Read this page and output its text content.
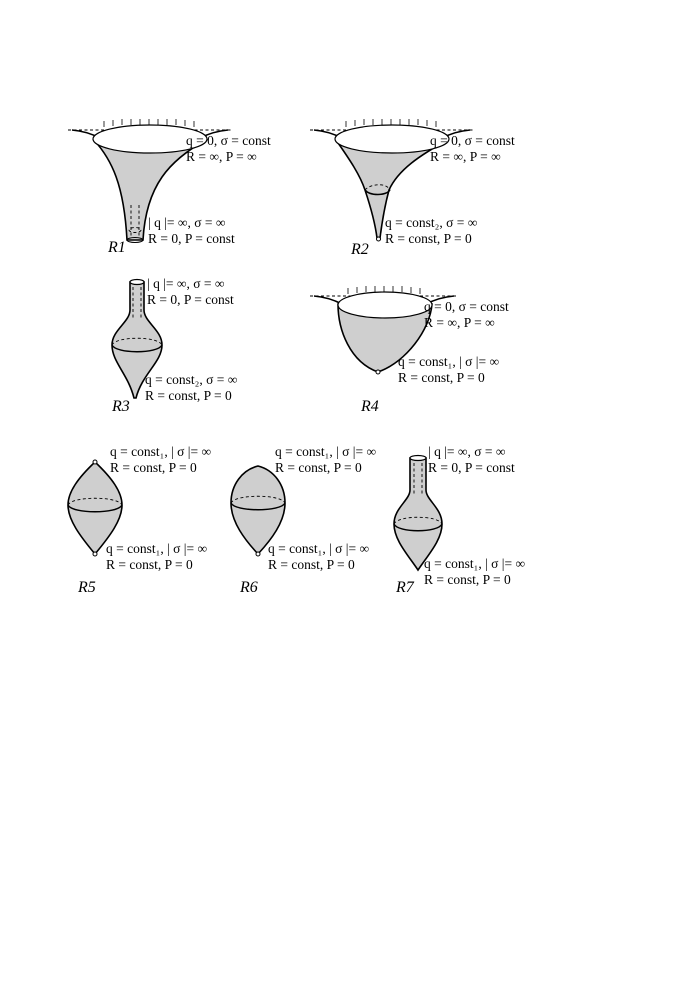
q = 0, σ = const
R = ∞, P = ∞
| q |= ∞, σ = ∞
R = 0, P = const
R1
q = 0, σ = const
R = ∞, P = ∞
q = const₂, σ = ∞
R = const, P = 0
R2
| q |= ∞, σ = ∞
R = 0, P = const
q = const₂, σ = ∞
R = const, P = 0
R3
q = 0, σ = const
R = ∞, P = ∞
q = const₁, | σ |= ∞
R = const, P = 0
R4
q = const₁, | σ |= ∞
R = const, P = 0
q = const₁, | σ |= ∞
R = const, P = 0
R5
q = const₁, | σ |= ∞
R = const, P = 0
q = const₁, | σ |= ∞
R = const, P = 0
R6
| q |= ∞, σ = ∞
R = 0, P = const
q = const₁, | σ |= ∞
R = const, P = 0
R7
